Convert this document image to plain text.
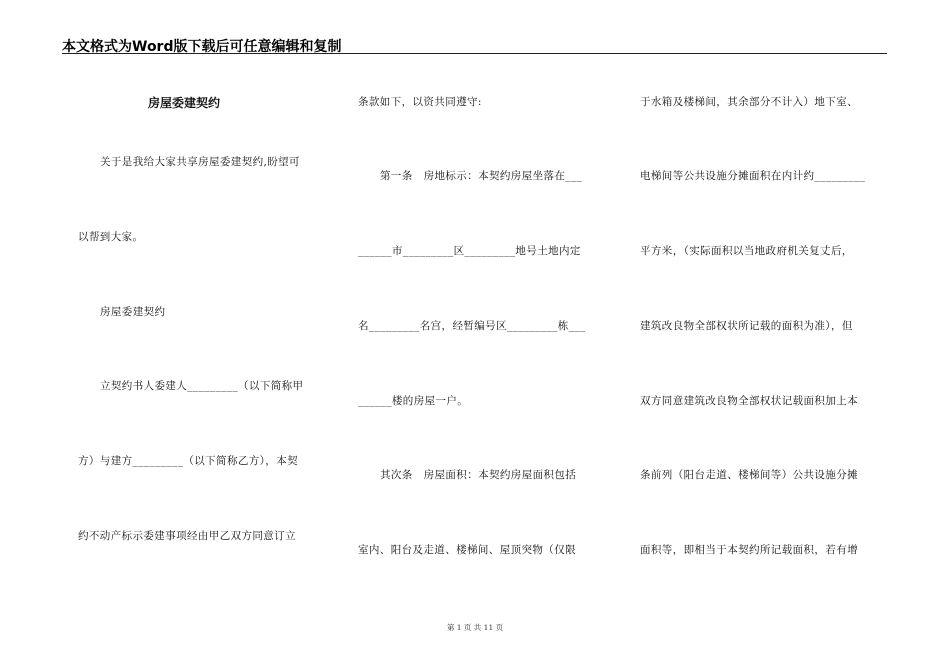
本文格式为Word版下载后可任意编辑和复制
房屋委建契约
关于是我给大家共享房屋委建契约,盼望可
以帮到大家。
房屋委建契约
立契约书人委建人_________（以下简称甲
方）与建方_________（以下简称乙方），本契
约不动产标示委建事项经由甲乙双方同意订立
条款如下，以资共同遵守:
第一条　房地标示：本契约房屋坐落在___
______市_________区_________地号土地内定
名_________名宫，经暂编号区_________栋___
______楼的房屋一户。
其次条　房屋面积：本契约房屋面积包括
室内、阳台及走道、楼梯间、屋顶突物（仅限
于水箱及楼梯间，其余部分不计入）地下室、
电梯间等公共设施分摊面积在内计约_________
平方米，（实际面积以当地政府机关复丈后，
建筑改良物全部权状所记载的面积为准），但
双方同意建筑改良物全部权状记载面积加上本
条前列（阳台走道、楼梯间等）公共设施分摊
面积等，即相当于本契约所记载面积，若有增
第 1 页 共 11 页
